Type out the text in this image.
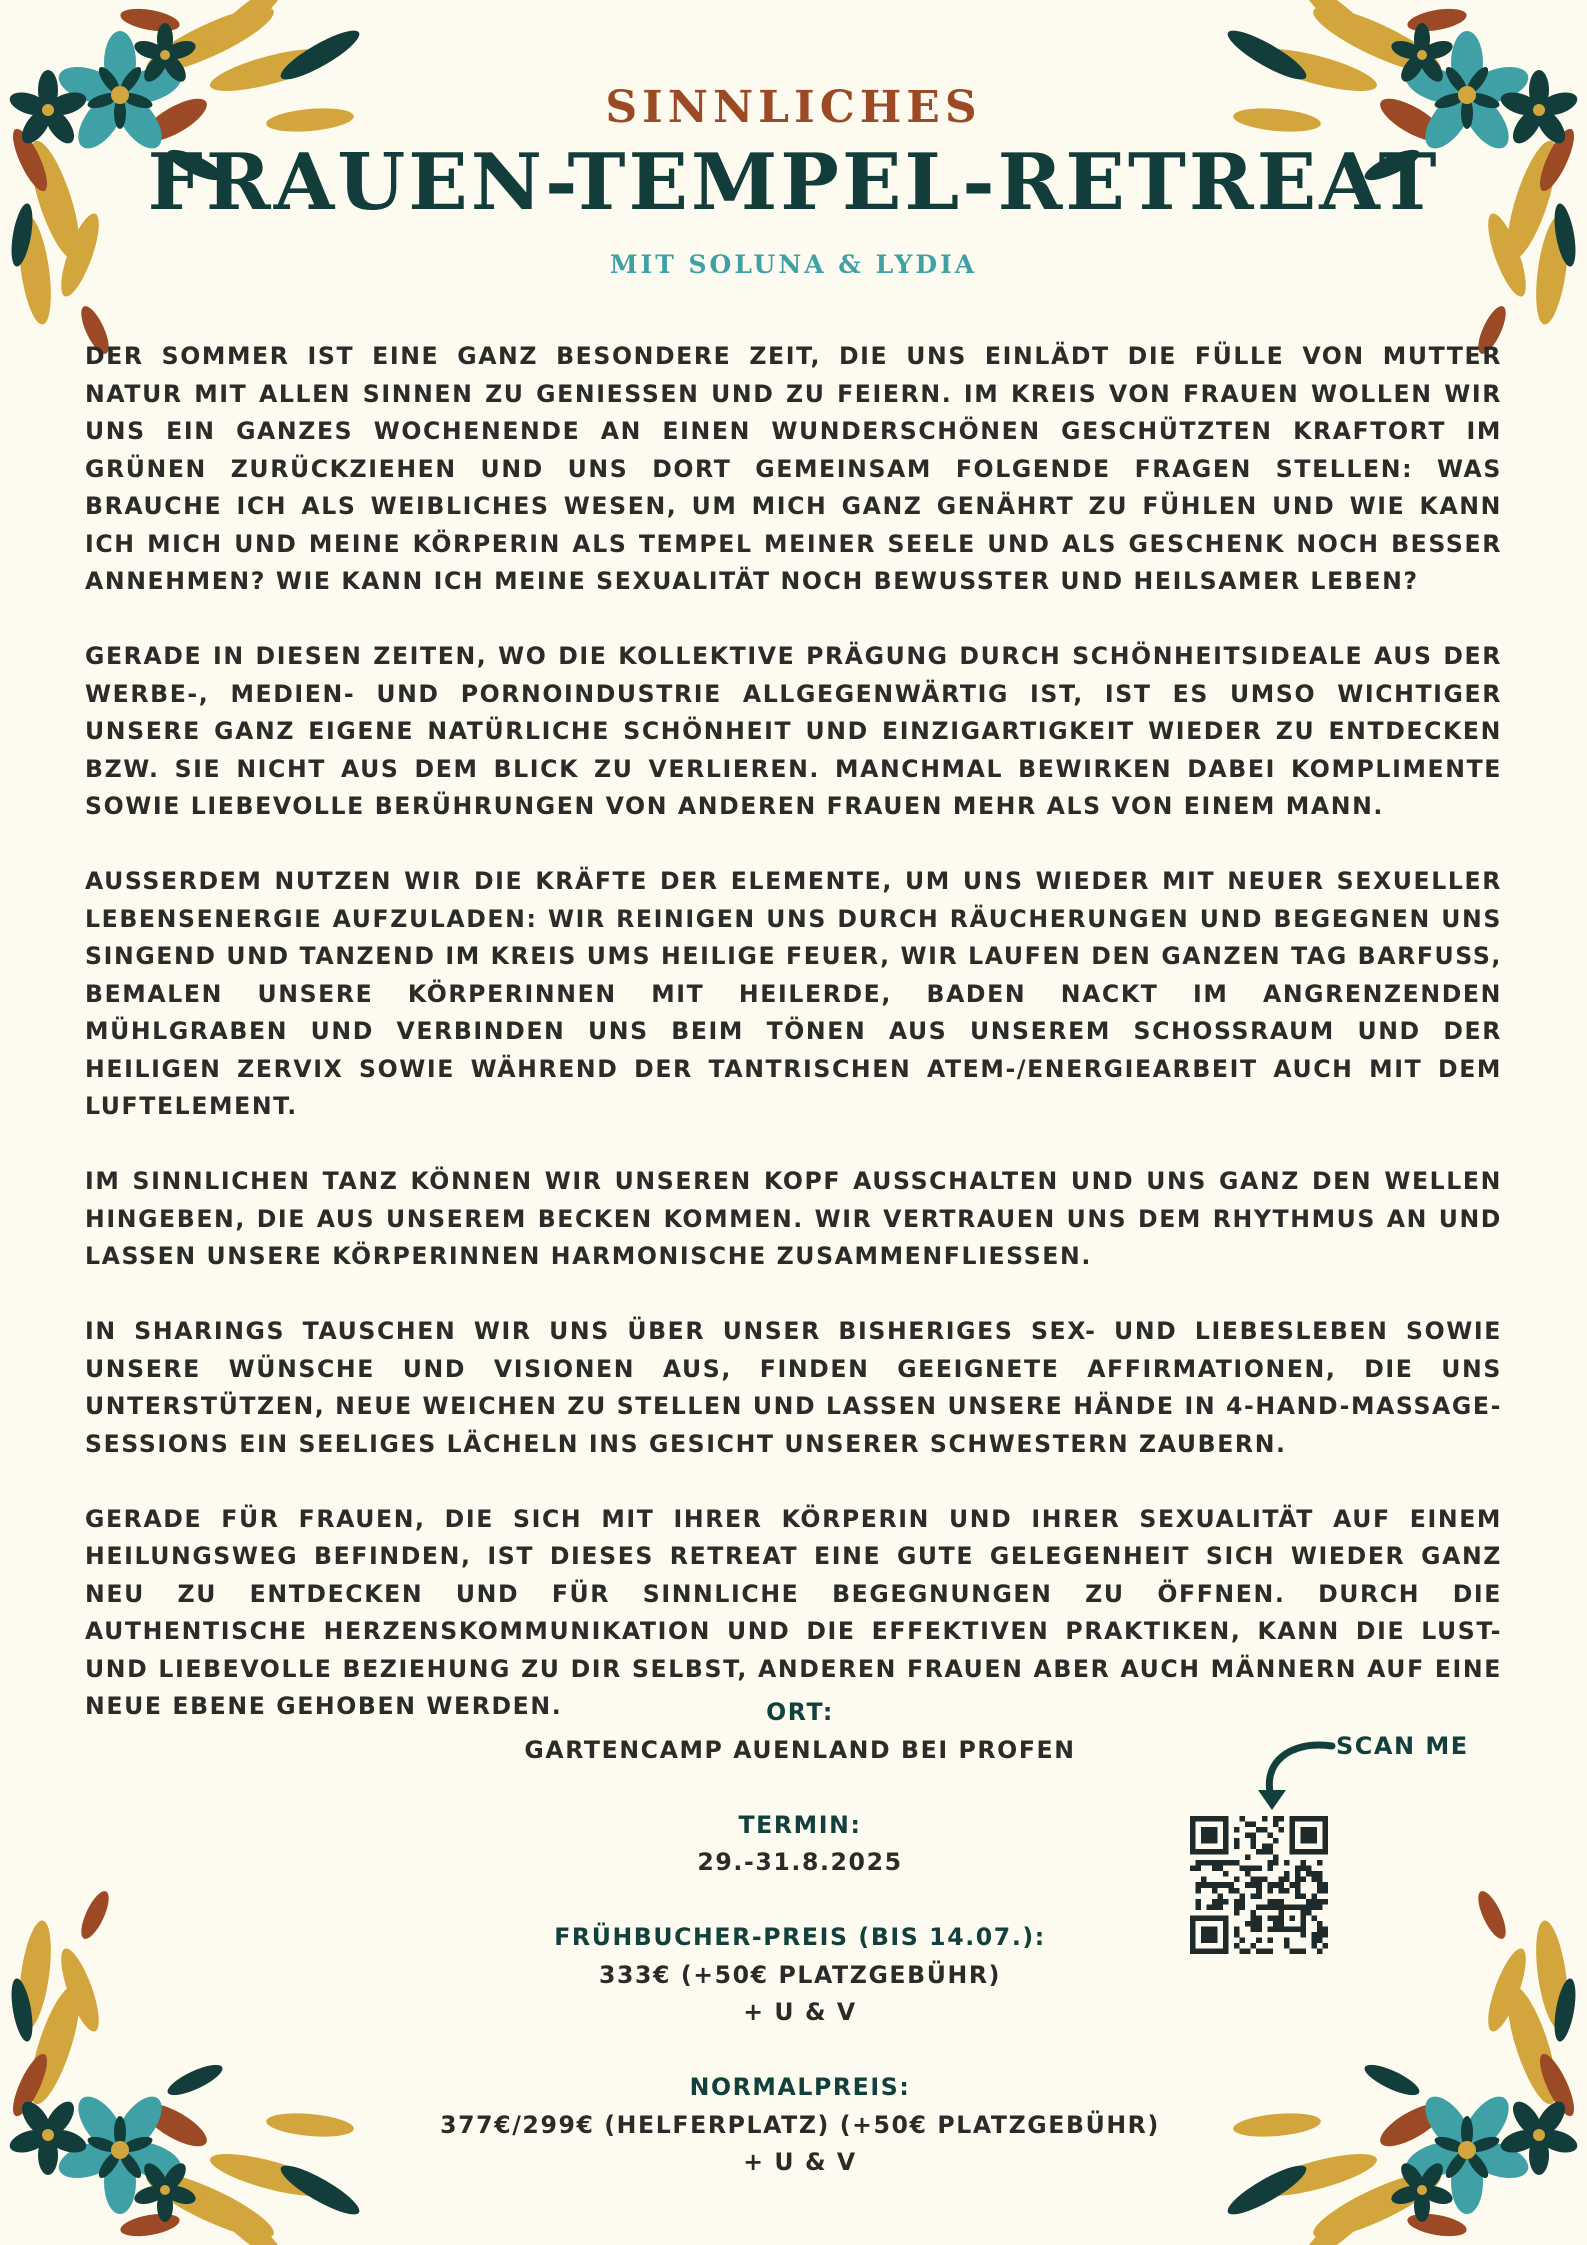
SINNLICHES
FRAUEN-TEMPEL-RETREAT
MIT SOLUNA & LYDIA

DER SOMMER IST EINE GANZ BESONDERE ZEIT, DIE UNS EINLÄDT DIE FÜLLE VON MUTTER NATUR MIT ALLEN SINNEN ZU GENIESSEN UND ZU FEIERN. IM KREIS VON FRAUEN WOLLEN WIR UNS EIN GANZES WOCHENENDE AN EINEN WUNDERSCHÖNEN GESCHÜTZTEN KRAFTORT IM GRÜNEN ZURÜCKZIEHEN UND UNS DORT GEMEINSAM FOLGENDE FRAGEN STELLEN: WAS BRAUCHE ICH ALS WEIBLICHES WESEN, UM MICH GANZ GENÄHRT ZU FÜHLEN UND WIE KANN ICH MICH UND MEINE KÖRPERIN ALS TEMPEL MEINER SEELE UND ALS GESCHENK NOCH BESSER ANNEHMEN? WIE KANN ICH MEINE SEXUALITÄT NOCH BEWUSSTER UND HEILSAMER LEBEN?

GERADE IN DIESEN ZEITEN, WO DIE KOLLEKTIVE PRÄGUNG DURCH SCHÖNHEITSIDEALE AUS DER WERBE-, MEDIEN- UND PORNOINDUSTRIE ALLGEGENWÄRTIG IST, IST ES UMSO WICHTIGER UNSERE GANZ EIGENE NATÜRLICHE SCHÖNHEIT UND EINZIGARTIGKEIT WIEDER ZU ENTDECKEN BZW. SIE NICHT AUS DEM BLICK ZU VERLIEREN. MANCHMAL BEWIRKEN DABEI KOMPLIMENTE SOWIE LIEBEVOLLE BERÜHRUNGEN VON ANDEREN FRAUEN MEHR ALS VON EINEM MANN.

AUSSERDEM NUTZEN WIR DIE KRÄFTE DER ELEMENTE, UM UNS WIEDER MIT NEUER SEXUELLER LEBENSENERGIE AUFZULADEN: WIR REINIGEN UNS DURCH RÄUCHERUNGEN UND BEGEGNEN UNS SINGEND UND TANZEND IM KREIS UMS HEILIGE FEUER, WIR LAUFEN DEN GANZEN TAG BARFUSS, BEMALEN UNSERE KÖRPERINNEN MIT HEILERDE, BADEN NACKT IM ANGRENZENDEN MÜHLGRABEN UND VERBINDEN UNS BEIM TÖNEN AUS UNSEREM SCHOSSRAUM UND DER HEILIGEN ZERVIX SOWIE WÄHREND DER TANTRISCHEN ATEM-/ENERGIEARBEIT AUCH MIT DEM LUFTELEMENT.

IM SINNLICHEN TANZ KÖNNEN WIR UNSEREN KOPF AUSSCHALTEN UND UNS GANZ DEN WELLEN HINGEBEN, DIE AUS UNSEREM BECKEN KOMMEN. WIR VERTRAUEN UNS DEM RHYTHMUS AN UND LASSEN UNSERE KÖRPERINNEN HARMONISCHE ZUSAMMENFLIESSEN.

IN SHARINGS TAUSCHEN WIR UNS ÜBER UNSER BISHERIGES SEX- UND LIEBESLEBEN SOWIE UNSERE WÜNSCHE UND VISIONEN AUS, FINDEN GEEIGNETE AFFIRMATIONEN, DIE UNS UNTERSTÜTZEN, NEUE WEICHEN ZU STELLEN UND LASSEN UNSERE HÄNDE IN 4-HAND-MASSAGE-SESSIONS EIN SEELIGES LÄCHELN INS GESICHT UNSERER SCHWESTERN ZAUBERN.

GERADE FÜR FRAUEN, DIE SICH MIT IHRER KÖRPERIN UND IHRER SEXUALITÄT AUF EINEM HEILUNGSWEG BEFINDEN, IST DIESES RETREAT EINE GUTE GELEGENHEIT SICH WIEDER GANZ NEU ZU ENTDECKEN UND FÜR SINNLICHE BEGEGNUNGEN ZU ÖFFNEN. DURCH DIE AUTHENTISCHE HERZENSKOMMUNIKATION UND DIE EFFEKTIVEN PRAKTIKEN, KANN DIE LUST- UND LIEBEVOLLE BEZIEHUNG ZU DIR SELBST, ANDEREN FRAUEN ABER AUCH MÄNNERN AUF EINE NEUE EBENE GEHOBEN WERDEN.	ORT:
GARTENCAMP AUENLAND BEI PROFEN
TERMIN:
29.-31.8.2025
FRÜHBUCHER-PREIS (BIS 14.07.):
333€ (+50€ PLATZGEBÜHR)
+ U & V
NORMALPREIS:
377€/299€ (HELFERPLATZ) (+50€ PLATZGEBÜHR)
+ U & V
SCAN ME
